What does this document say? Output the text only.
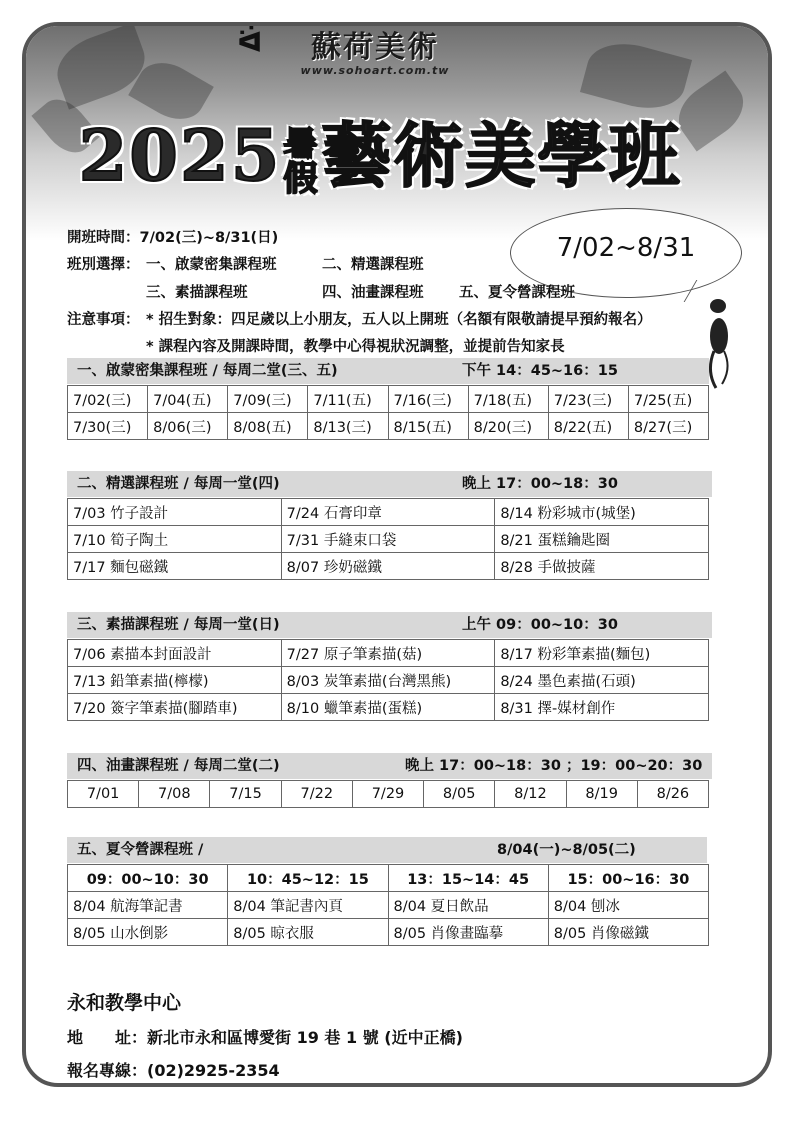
ᐛ	蘇荷美術
www.sohoart.com.tw
2025暑假藝術美學班
7/02~8/31
開班時間：7/02(三)~8/31(日)
班別選擇： 一、啟蒙密集課程班	二、精選課程班
三、素描課程班	四、油畫課程班 五、夏令營課程班
注意事項： * 招生對象：四足歲以上小朋友，五人以上開班（名額有限敬請提早預約報名）
* 課程內容及開課時間，教學中心得視狀況調整，並提前告知家長
一、啟蒙密集課程班 / 每周二堂(三、五)	下午 14：45~16：15
7/02(三)	7/04(五)	7/09(三)	7/11(五)	7/16(三)	7/18(五)	7/23(三)	7/25(五)
7/30(三)	8/06(三)	8/08(五)	8/13(三)	8/15(五)	8/20(三)	8/22(五)	8/27(三)
二、精選課程班 / 每周一堂(四)	晚上 17：00~18：30
7/03 竹子設計	7/24 石膏印章	8/14 粉彩城市(城堡)
7/10 筍子陶土	7/31 手縫束口袋	8/21 蛋糕鑰匙圈
7/17 麵包磁鐵	8/07 珍奶磁鐵	8/28 手做披薩
三、素描課程班 / 每周一堂(日)	上午 09：00~10：30
7/06 素描本封面設計	7/27 原子筆素描(菇)	8/17 粉彩筆素描(麵包)
7/13 鉛筆素描(檸檬)	8/03 炭筆素描(台灣黑熊)	8/24 墨色素描(石頭)
7/20 簽字筆素描(腳踏車)	8/10 蠟筆素描(蛋糕)	8/31 擇-媒材創作
四、油畫課程班 / 每周二堂(二)	晚上 17：00~18：30 ；19：00~20：30
7/01	7/08	7/15	7/22	7/29	8/05	8/12	8/19	8/26
五、夏令營課程班 /	8/04(一)~8/05(二)
09：00~10：30	10：45~12：15	13：15~14：45	15：00~16：30
8/04 航海筆記書	8/04 筆記書內頁	8/04 夏日飲品	8/04 刨冰
8/05 山水倒影	8/05 晾衣服	8/05 肖像畫臨摹	8/05 肖像磁鐵
永和教學中心
地　　址：新北市永和區博愛街 19 巷 1 號 (近中正橋)
報名專線：(02)2925-2354
